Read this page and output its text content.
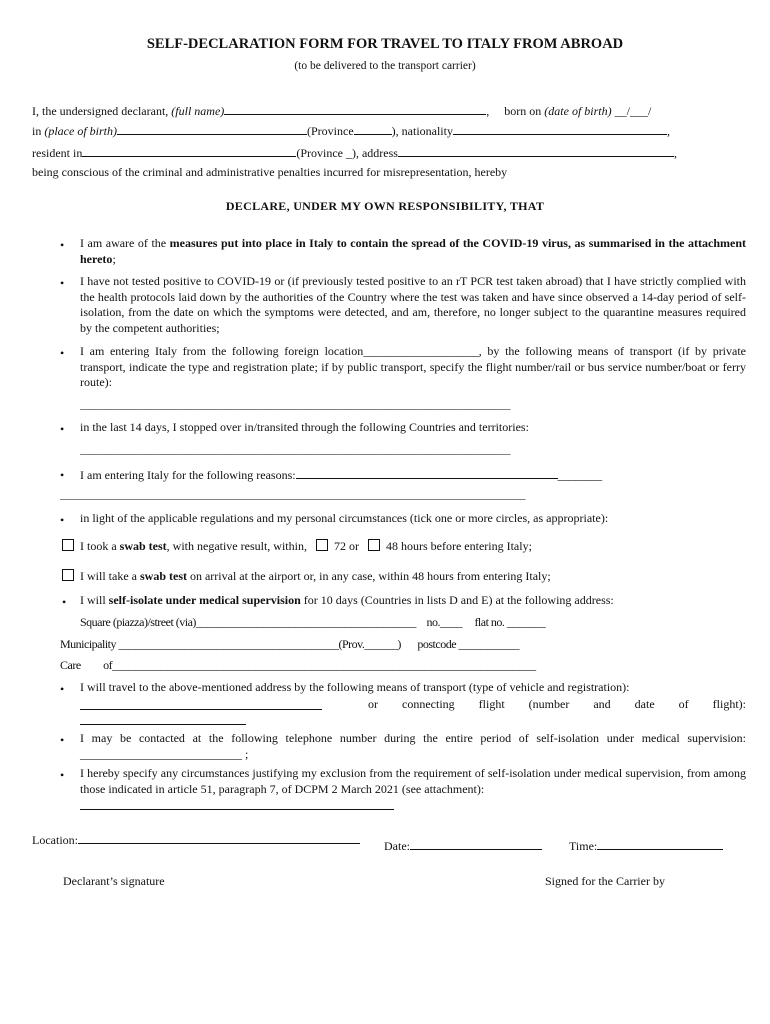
SELF-DECLARATION FORM FOR TRAVEL TO ITALY FROM ABROAD
(to be delivered to the transport carrier)
I, the undersigned declarant, (full name)	, born on (date of birth) __/___/
in (place of birth)	(Province	), nationality	,
resident in	(Province _), address	,
being conscious of the criminal and administrative penalties incurred for misrepresentation, hereby
DECLARE, UNDER MY OWN RESPONSIBILITY, THAT
• I am aware of the measures put into place in Italy to contain the spread of the COVID-19 virus, as summarised in the attachment hereto;
• I have not tested positive to COVID-19 or (if previously tested positive to an rT PCR test taken abroad) that I have strictly complied with the health protocols laid down by the authorities of the Country where the test was taken and have since observed a 14-day period of self-isolation, from the date on which the symptoms were detected, and am, therefore, no longer subject to the quarantine measures required by the competent authorities;
• I am entering Italy from the following foreign location_____________________, by the following means of transport (if by private transport, indicate the type and registration plate; if by public transport, specify the flight number/rail or bus service number/boat or ferry route):
______________________________________________________________________________________
• in the last 14 days, I stopped over in/transited through the following Countries and territories:
______________________________________________________________________________________
• I am entering Italy for the following reasons:	________
_____________________________________________________________________________________________
• in light of the applicable regulations and my personal circumstances (tick one or more circles, as appropriate):
I took a swab test, with negative result, within, 72 or 48 hours before entering Italy;
I will take a swab test on arrival at the airport or, in any case, within 48 hours from entering Italy;
• I will self-isolate under medical supervision for 10 days (Countries in lists D and E) at the following address:
Square (piazza)/street (via)________________________________________ no.____ flat no. _______
Municipality ________________________________________(Prov.______) postcode ___________
Care of_____________________________________________________________________________
• I will travel to the above-mentioned address by the following means of transport (type of vehicle and registration):
or connecting flight (number and date of flight):
• I may be contacted at the following telephone number during the entire period of self-isolation under medical supervision: ___________________________ ;
• I hereby specify any circumstances justifying my exclusion from the requirement of self-isolation under medical supervision, from among those indicated in article 51, paragraph 7, of DCPM 2 March 2021 (see attachment):
Location:	Date:	Time:
Declarant’s signature	Signed for the Carrier by
